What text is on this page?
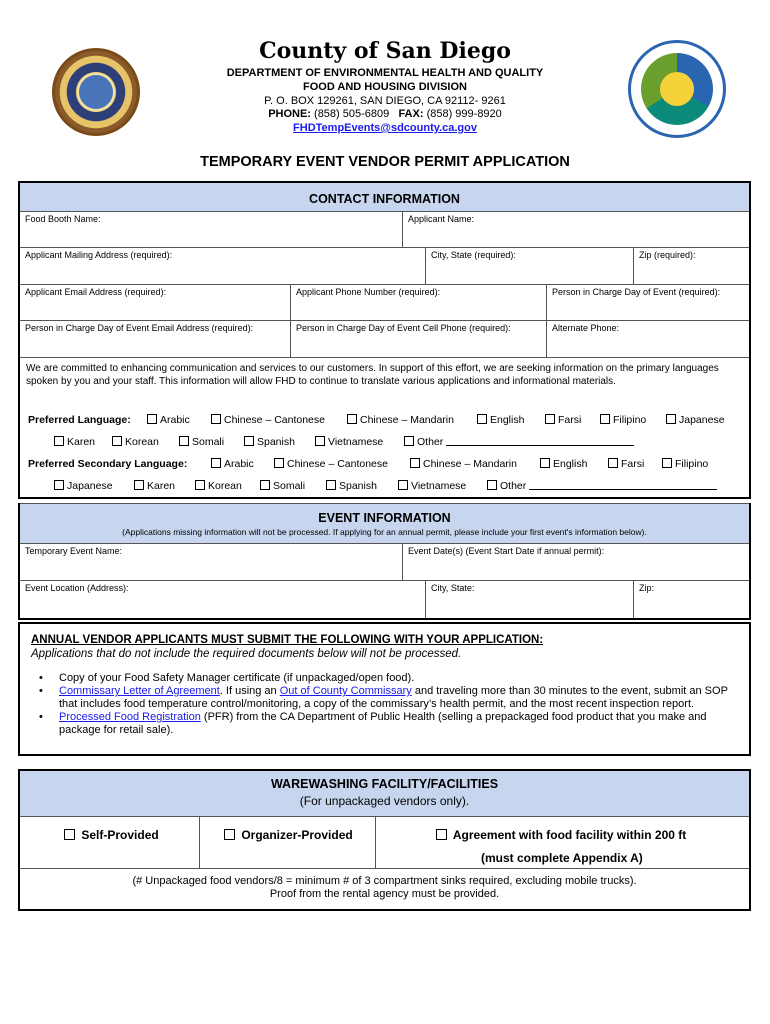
County of San Diego
DEPARTMENT OF ENVIRONMENTAL HEALTH AND QUALITY
FOOD AND HOUSING DIVISION
P. O. BOX 129261, SAN DIEGO, CA 92112- 9261
PHONE: (858) 505-6809 FAX: (858) 999-8920
FHDTempEvents@sdcounty.ca.gov
TEMPORARY EVENT VENDOR PERMIT APPLICATION
CONTACT INFORMATION
Food Booth Name:	Applicant Name:
Applicant Mailing Address (required):	City, State (required):	Zip (required):
Applicant Email Address (required):	Applicant Phone Number (required):	Person in Charge Day of Event (required):
Person in Charge Day of Event Email Address (required):	Person in Charge Day of Event Cell Phone (required):	Alternate Phone:
We are committed to enhancing communication and services to our customers. In support of this effort, we are seeking information on the primary languages spoken by you and your staff. This information will allow FHD to continue to translate various applications and informational materials.
Preferred Language:	Arabic	Chinese – Cantonese	Chinese – Mandarin	English	Farsi	Filipino	Japanese
Karen	Korean	Somali	Spanish	Vietnamese	Other
Preferred Secondary Language:	Arabic	Chinese – Cantonese	Chinese – Mandarin	English	Farsi	Filipino
Japanese	Karen	Korean	Somali	Spanish	Vietnamese	Other
EVENT INFORMATION
(Applications missing information will not be processed. If applying for an annual permit, please include your first event's information below).
Temporary Event Name:	Event Date(s) (Event Start Date if annual permit):
Event Location (Address):	City, State:	Zip:
ANNUAL VENDOR APPLICANTS MUST SUBMIT THE FOLLOWING WITH YOUR APPLICATION:
Applications that do not include the required documents below will not be processed.
• Copy of your Food Safety Manager certificate (if unpackaged/open food).
• Commissary Letter of Agreement. If using an Out of County Commissary and traveling more than 30 minutes to the event, submit an SOP that includes food temperature control/monitoring, a copy of the commissary’s health permit, and the most recent inspection report.
• Processed Food Registration (PFR) from the CA Department of Public Health (selling a prepackaged food product that you make and package for retail sale).
WAREWASHING FACILITY/FACILITIES
(For unpackaged vendors only).
Self-Provided	Organizer-Provided	Agreement with food facility within 200 ft
(must complete Appendix A)
(# Unpackaged food vendors/8 = minimum # of 3 compartment sinks required, excluding mobile trucks).
Proof from the rental agency must be provided.
